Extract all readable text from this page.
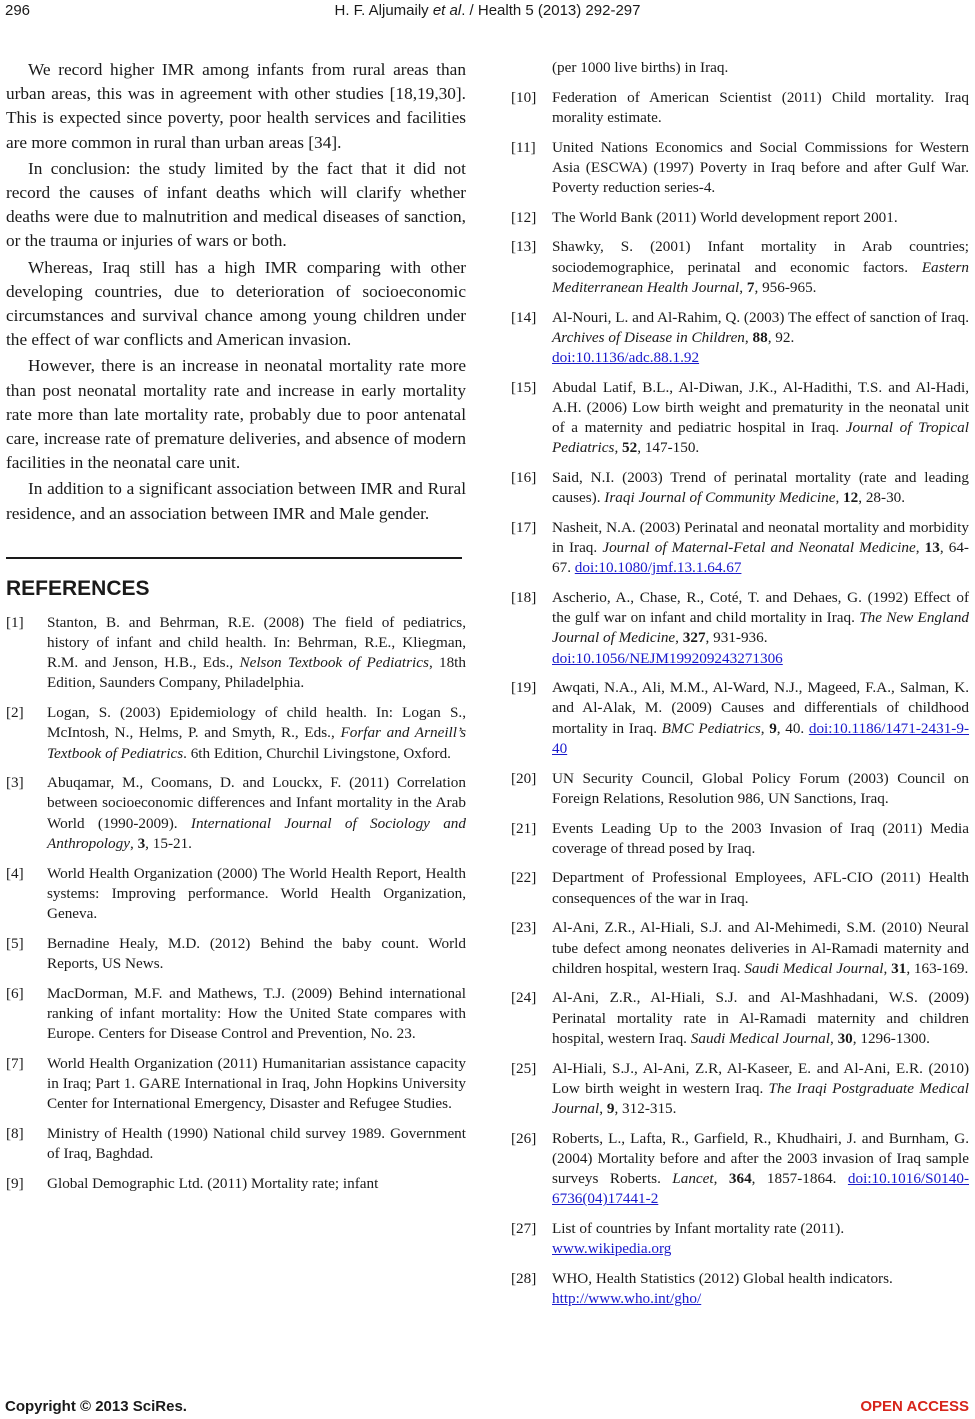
296	H. F. Aljumaily et al. / Health 5 (2013) 292-297

We record higher IMR among infants from rural areas than urban areas, this was in agreement with other studies [18,19,30]. This is expected since poverty, poor health services and facilities are more common in rural than urban areas [34].

In conclusion: the study limited by the fact that it did not record the causes of infant deaths which will clarify whether deaths were due to malnutrition and medical diseases of sanction, or the trauma or injuries of wars or both.

Whereas, Iraq still has a high IMR comparing with other developing countries, due to deterioration of socioeconomic circumstances and survival chance among young children under the effect of war conflicts and American invasion.

However, there is an increase in neonatal mortality rate more than post neonatal mortality rate and increase in early mortality rate more than late mortality rate, probably due to poor antenatal care, increase rate of premature deliveries, and absence of modern facilities in the neonatal care unit.

In addition to a significant association between IMR and Rural residence, and an association between IMR and Male gender.

REFERENCES
[1]	Stanton, B. and Behrman, R.E. (2008) The field of pediatrics, history of infant and child health. In: Behrman, R.E., Kliegman, R.M. and Jenson, H.B., Eds., Nelson Textbook of Pediatrics, 18th Edition, Saunders Company, Philadelphia.
[2]	Logan, S. (2003) Epidemiology of child health. In: Logan S., McIntosh, N., Helms, P. and Smyth, R., Eds., Forfar and Arneill’s Textbook of Pediatrics. 6th Edition, Churchil Livingstone, Oxford.
[3]	Abuqamar, M., Coomans, D. and Louckx, F. (2011) Correlation between socioeconomic differences and Infant mortality in the Arab World (1990-2009). International Journal of Sociology and Anthropology, 3, 15-21.
[4]	World Health Organization (2000) The World Health Report, Health systems: Improving performance. World Health Organization, Geneva.
[5]	Bernadine Healy, M.D. (2012) Behind the baby count. World Reports, US News.
[6]	MacDorman, M.F. and Mathews, T.J. (2009) Behind international ranking of infant mortality: How the United State compares with Europe. Centers for Disease Control and Prevention, No. 23.
[7]	World Health Organization (2011) Humanitarian assistance capacity in Iraq; Part 1. GARE International in Iraq, John Hopkins University Center for International Emergency, Disaster and Refugee Studies.
[8]	Ministry of Health (1990) National child survey 1989. Government of Iraq, Baghdad.
[9]	Global Demographic Ltd. (2011) Mortality rate; infant
(per 1000 live births) in Iraq.
[10]	Federation of American Scientist (2011) Child mortality. Iraq morality estimate.
[11]	United Nations Economics and Social Commissions for Western Asia (ESCWA) (1997) Poverty in Iraq before and after Gulf War. Poverty reduction series-4.
[12]	The World Bank (2011) World development report 2001.
[13]	Shawky, S. (2001) Infant mortality in Arab countries; sociodemographice, perinatal and economic factors. Eastern Mediterranean Health Journal, 7, 956-965.
[14]	Al-Nouri, L. and Al-Rahim, Q. (2003) The effect of sanction of Iraq. Archives of Disease in Children, 88, 92.
doi:10.1136/adc.88.1.92
[15]	Abudal Latif, B.L., Al-Diwan, J.K., Al-Hadithi, T.S. and Al-Hadi, A.H. (2006) Low birth weight and prematurity in the neonatal unit of a maternity and pediatric hospital in Iraq. Journal of Tropical Pediatrics, 52, 147-150.
[16]	Said, N.I. (2003) Trend of perinatal mortality (rate and leading causes). Iraqi Journal of Community Medicine, 12, 28-30.
[17]	Nasheit, N.A. (2003) Perinatal and neonatal mortality and morbidity in Iraq. Journal of Maternal-Fetal and Neonatal Medicine, 13, 64-67. doi:10.1080/jmf.13.1.64.67
[18]	Ascherio, A., Chase, R., Coté, T. and Dehaes, G. (1992) Effect of the gulf war on infant and child mortality in Iraq. The New England Journal of Medicine, 327, 931-936.
doi:10.1056/NEJM199209243271306
[19]	Awqati, N.A., Ali, M.M., Al-Ward, N.J., Mageed, F.A., Salman, K. and Al-Alak, M. (2009) Causes and differentials of childhood mortality in Iraq. BMC Pediatrics, 9, 40. doi:10.1186/1471-2431-9-40
[20]	UN Security Council, Global Policy Forum (2003) Council on Foreign Relations, Resolution 986, UN Sanctions, Iraq.
[21]	Events Leading Up to the 2003 Invasion of Iraq (2011) Media coverage of thread posed by Iraq.
[22]	Department of Professional Employees, AFL-CIO (2011) Health consequences of the war in Iraq.
[23]	Al-Ani, Z.R., Al-Hiali, S.J. and Al-Mehimedi, S.M. (2010) Neural tube defect among neonates deliveries in Al-Ramadi maternity and children hospital, western Iraq. Saudi Medical Journal, 31, 163-169.
[24]	Al-Ani, Z.R., Al-Hiali, S.J. and Al-Mashhadani, W.S. (2009) Perinatal mortality rate in Al-Ramadi maternity and children hospital, western Iraq. Saudi Medical Journal, 30, 1296-1300.
[25]	Al-Hiali, S.J., Al-Ani, Z.R, Al-Kaseer, E. and Al-Ani, E.R. (2010) Low birth weight in western Iraq. The Iraqi Postgraduate Medical Journal, 9, 312-315.
[26]	Roberts, L., Lafta, R., Garfield, R., Khudhairi, J. and Burnham, G. (2004) Mortality before and after the 2003 invasion of Iraq sample surveys Roberts. Lancet, 364, 1857-1864. doi:10.1016/S0140-6736(04)17441-2
[27]	List of countries by Infant mortality rate (2011).
www.wikipedia.org
[28]	WHO, Health Statistics (2012) Global health indicators.
http://www.who.int/gho/
Copyright © 2013 SciRes.	OPEN ACCESS
